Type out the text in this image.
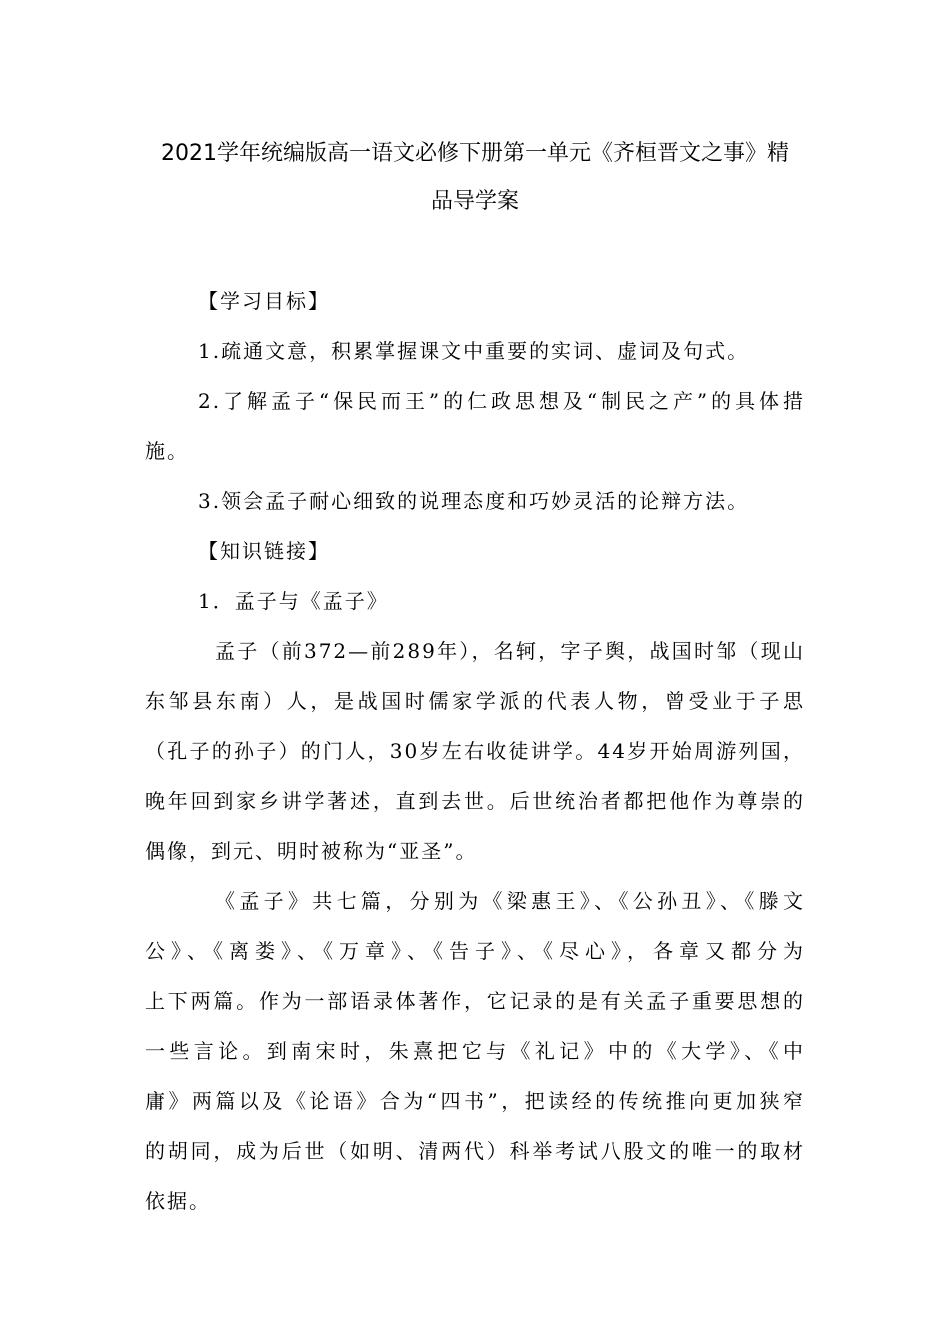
2021学年统编版高一语文必修下册第一单元《齐桓晋文之事》精
品导学案
【学习目标】
1.疏通文意，积累掌握课文中重要的实词、虚词及句式。
2.了解孟子“保民而王”的仁政思想及“制民之产”的具体措
施。
3.领会孟子耐心细致的说理态度和巧妙灵活的论辩方法。
【知识链接】
1．孟子与《孟子》
孟子（前372—前289年），名轲，字子舆，战国时邹（现山
东邹县东南）人，是战国时儒家学派的代表人物，曾受业于子思
（孔子的孙子）的门人，30岁左右收徒讲学。44岁开始周游列国，
晚年回到家乡讲学著述，直到去世。后世统治者都把他作为尊崇的
偶像，到元、明时被称为“亚圣”。
《孟子》共七篇，分别为《梁惠王》、《公孙丑》、《滕文
公》、《离娄》、《万章》、《告子》、《尽心》，各章又都分为
上下两篇。作为一部语录体著作，它记录的是有关孟子重要思想的
一些言论。到南宋时，朱熹把它与《礼记》中的《大学》、《中
庸》两篇以及《论语》合为“四书”，把读经的传统推向更加狭窄
的胡同，成为后世（如明、清两代）科举考试八股文的唯一的取材
依据。
